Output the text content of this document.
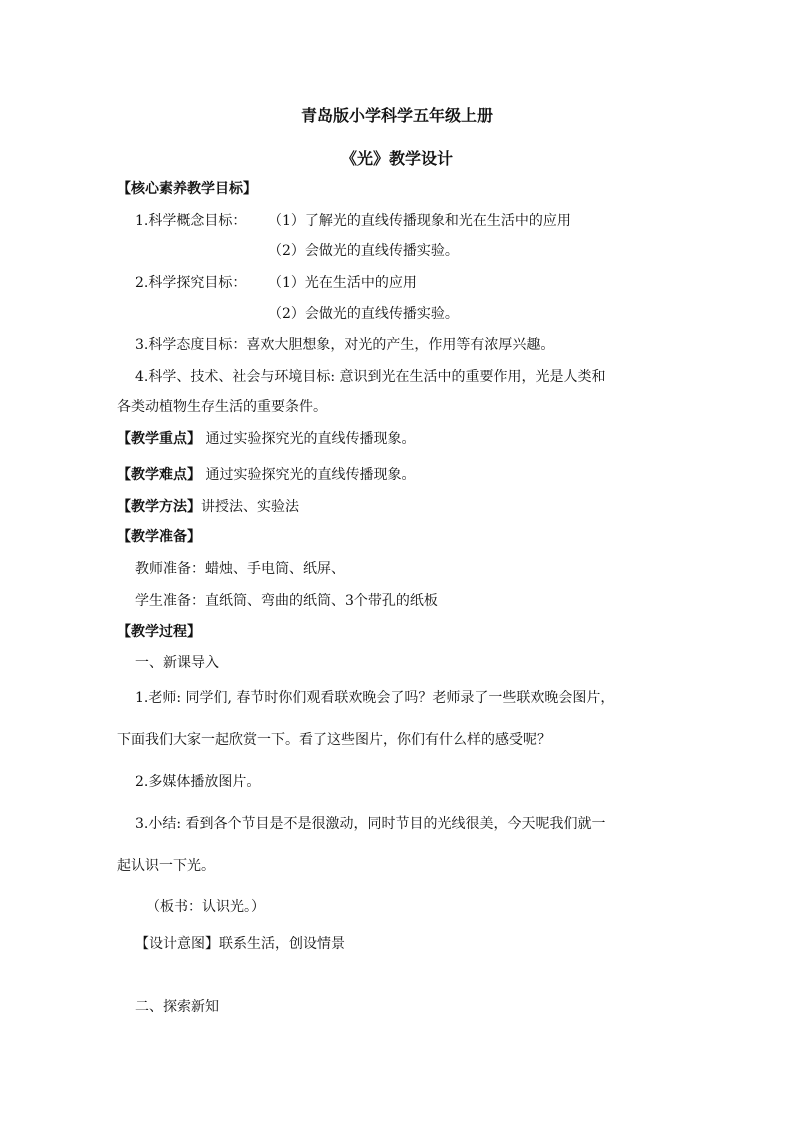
青岛版小学科学五年级上册
《光》教学设计
【核心素养教学目标】
1.科学概念目标： （1）了解光的直线传播现象和光在生活中的应用
（2）会做光的直线传播实验。
2.科学探究目标： （1）光在生活中的应用
（2）会做光的直线传播实验。
3.科学态度目标：喜欢大胆想象，对光的产生，作用等有浓厚兴趣。
4.科学、技术、社会与环境目标: 意识到光在生活中的重要作用，光是人类和
各类动植物生存生活的重要条件。
【教学重点】 通过实验探究光的直线传播现象。
【教学难点】 通过实验探究光的直线传播现象。
【教学方法】讲授法、实验法
【教学准备】
教师准备：蜡烛、手电筒、纸屏、
学生准备：直纸筒、弯曲的纸筒、3个带孔的纸板
【教学过程】
一、新课导入
1.老师: 同学们, 春节时你们观看联欢晚会了吗？老师录了一些联欢晚会图片，
下面我们大家一起欣赏一下。看了这些图片，你们有什么样的感受呢？
2.多媒体播放图片。
3.小结: 看到各个节目是不是很激动，同时节目的光线很美，今天呢我们就一
起认识一下光。
（板书：认识光。）
【设计意图】联系生活，创设情景
二、探索新知
